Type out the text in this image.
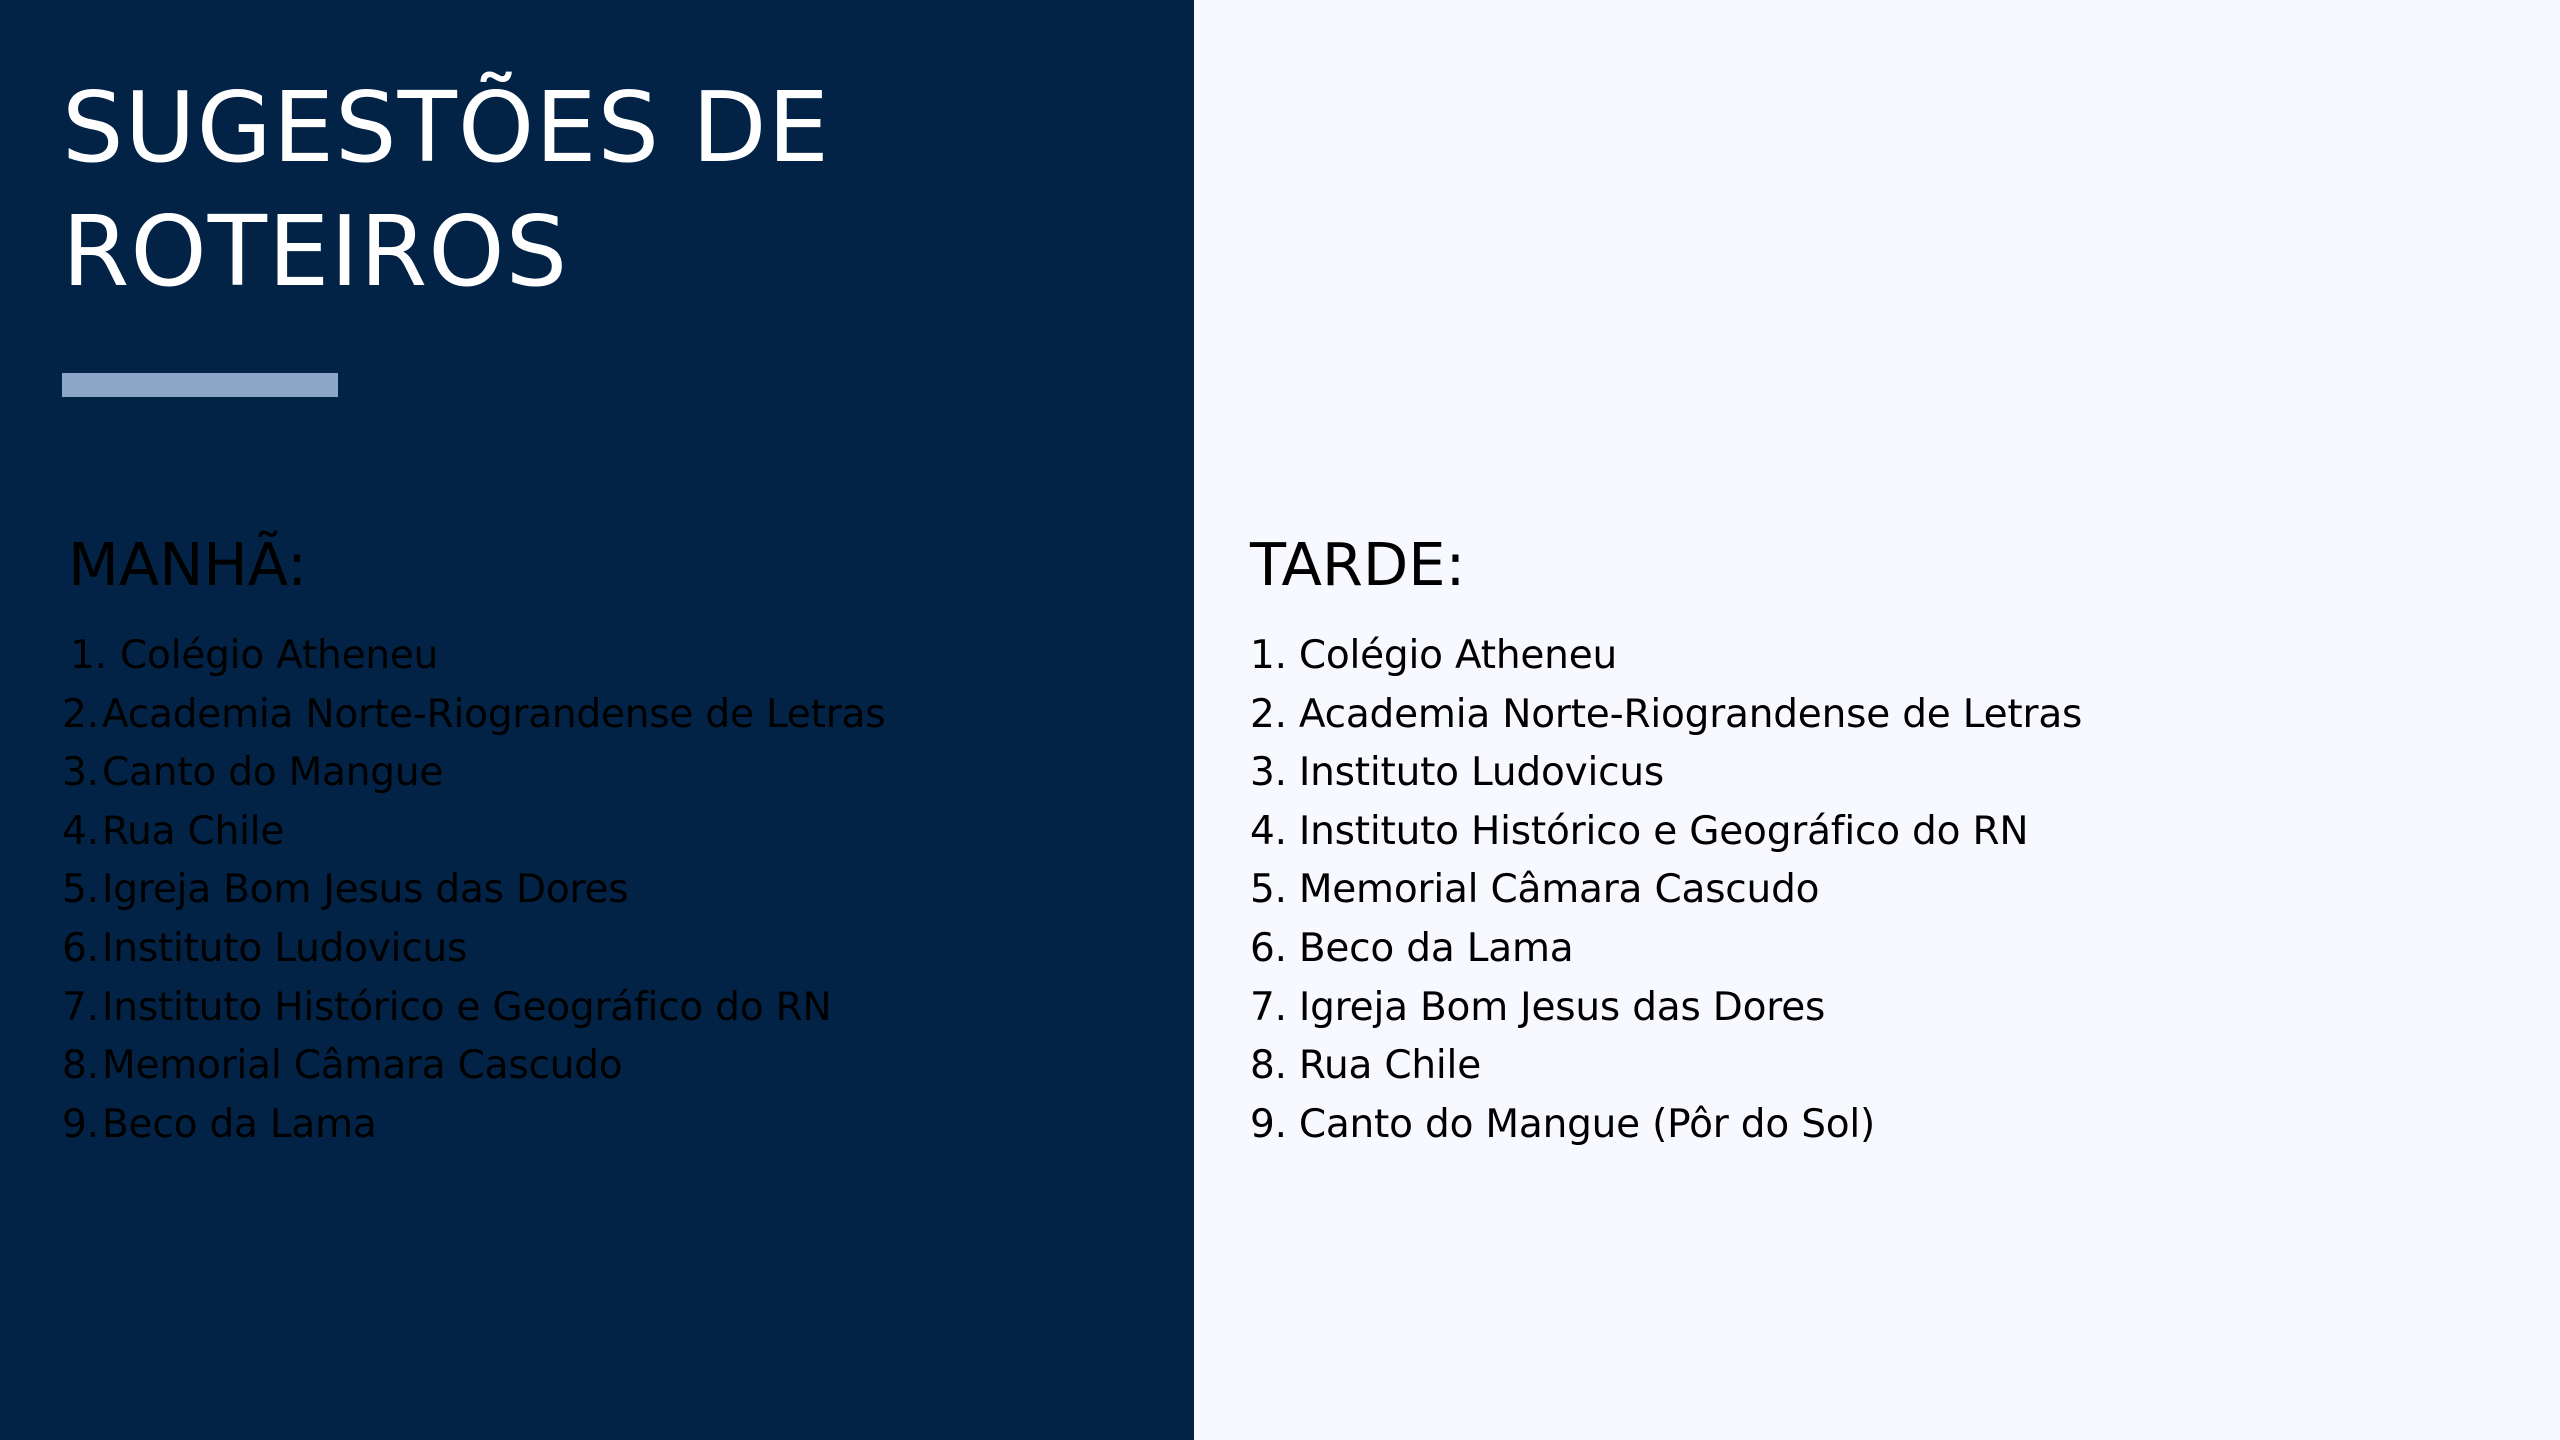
SUGESTÕES DE
ROTEIROS
MANHÃ:
1. Colégio Atheneu
2.Academia Norte-Riograndense de Letras
3.Canto do Mangue
4.Rua Chile
5.Igreja Bom Jesus das Dores
6.Instituto Ludovicus
7.Instituto Histórico e Geográfico do RN
8.Memorial Câmara Cascudo
9.Beco da Lama
TARDE:
1. Colégio Atheneu
2. Academia Norte-Riograndense de Letras
3. Instituto Ludovicus
4. Instituto Histórico e Geográfico do RN
5. Memorial Câmara Cascudo
6. Beco da Lama
7. Igreja Bom Jesus das Dores
8. Rua Chile
9. Canto do Mangue (Pôr do Sol)
